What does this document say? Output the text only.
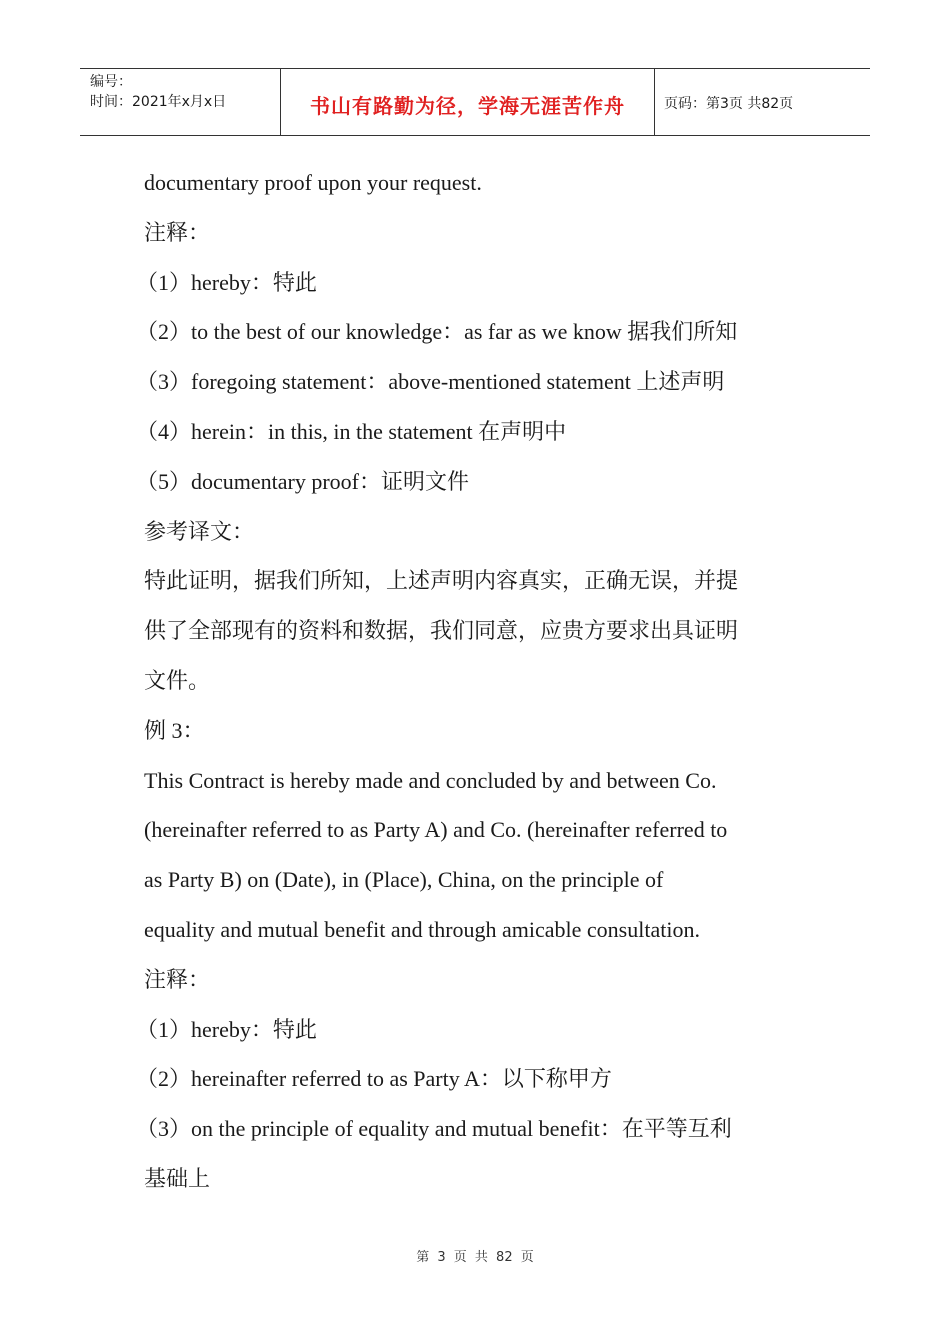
编号：
时间：2021年x月x日	书山有路勤为径，学海无涯苦作舟	页码：第3页 共82页

documentary proof upon your request.

注释：

（1）hereby：特此

（2）to the best of our knowledge：as far as we know 据我们所知

（3）foregoing statement：above-mentioned statement 上述声明

（4）herein：in this, in the statement 在声明中

（5）documentary proof：证明文件

参考译文：

特此证明，据我们所知，上述声明内容真实，正确无误，并提

供了全部现有的资料和数据，我们同意，应贵方要求出具证明

文件。

例 3：

This Contract is hereby made and concluded by and between Co.

(hereinafter referred to as Party A) and Co. (hereinafter referred to

as Party B) on (Date), in (Place), China, on the principle of

equality and mutual benefit and through amicable consultation.

注释：

（1）hereby：特此

（2）hereinafter referred to as Party A：以下称甲方

（3）on the principle of equality and mutual benefit：在平等互利

基础上

第 3 页 共 82 页
